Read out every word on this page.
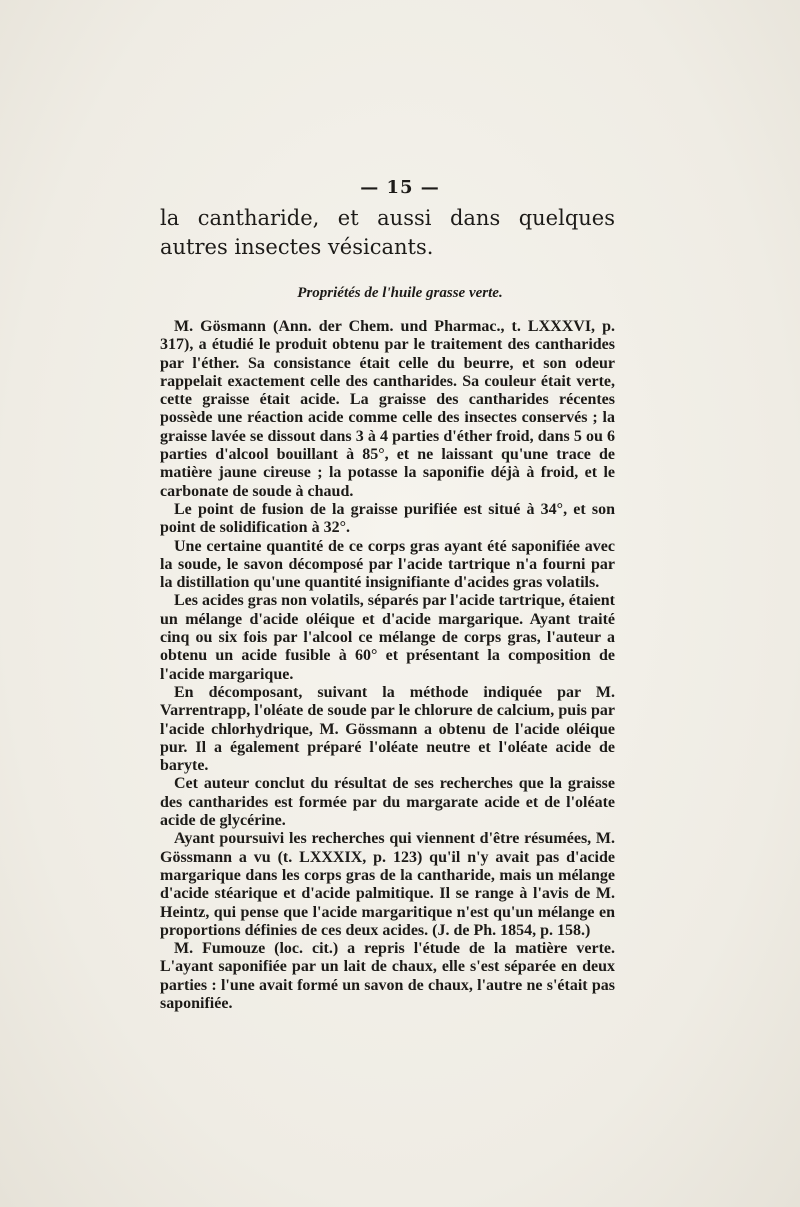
— 15 —
la cantharide, et aussi dans quelques autres insectes vésicants.
Propriétés de l'huile grasse verte.

M. Gösmann (Ann. der Chem. und Pharmac., t. LXXXVI, p. 317), a étudié le produit obtenu par le traitement des cantharides par l'éther. Sa consistance était celle du beurre, et son odeur rappelait exactement celle des cantharides. Sa couleur était verte, cette graisse était acide. La graisse des cantharides récentes possède une réaction acide comme celle des insectes conservés ; la graisse lavée se dissout dans 3 à 4 parties d'éther froid, dans 5 ou 6 parties d'alcool bouillant à 85°, et ne laissant qu'une trace de matière jaune cireuse ; la potasse la saponifie déjà à froid, et le carbonate de soude à chaud.

Le point de fusion de la graisse purifiée est situé à 34°, et son point de solidification à 32°.

Une certaine quantité de ce corps gras ayant été saponifiée avec la soude, le savon décomposé par l'acide tartrique n'a fourni par la distillation qu'une quantité insignifiante d'acides gras volatils.

Les acides gras non volatils, séparés par l'acide tartrique, étaient un mélange d'acide oléique et d'acide margarique. Ayant traité cinq ou six fois par l'alcool ce mélange de corps gras, l'auteur a obtenu un acide fusible à 60° et présentant la composition de l'acide margarique.

En décomposant, suivant la méthode indiquée par M. Varrentrapp, l'oléate de soude par le chlorure de calcium, puis par l'acide chlorhydrique, M. Gössmann a obtenu de l'acide oléique pur. Il a également préparé l'oléate neutre et l'oléate acide de baryte.

Cet auteur conclut du résultat de ses recherches que la graisse des cantharides est formée par du margarate acide et de l'oléate acide de glycérine.

Ayant poursuivi les recherches qui viennent d'être résumées, M. Gössmann a vu (t. LXXXIX, p. 123) qu'il n'y avait pas d'acide margarique dans les corps gras de la cantharide, mais un mélange d'acide stéarique et d'acide palmitique. Il se range à l'avis de M. Heintz, qui pense que l'acide margaritique n'est qu'un mélange en proportions définies de ces deux acides. (J. de Ph. 1854, p. 158.)

M. Fumouze (loc. cit.) a repris l'étude de la matière verte. L'ayant saponifiée par un lait de chaux, elle s'est séparée en deux parties : l'une avait formé un savon de chaux, l'autre ne s'était pas saponifiée.
